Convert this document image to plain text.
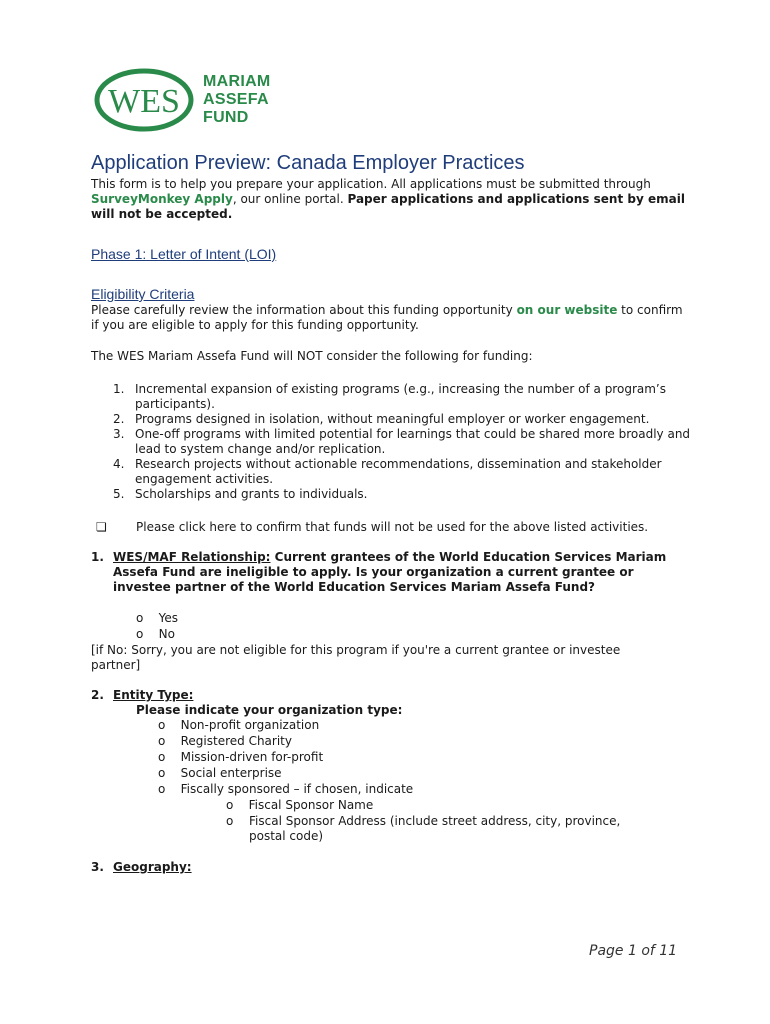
WES
MARIAM
ASSEFA
FUND
Application Preview: Canada Employer Practices
This form is to help you prepare your application. All applications must be submitted through SurveyMonkey Apply, our online portal. Paper applications and applications sent by email will not be accepted.
Phase 1: Letter of Intent (LOI)
Eligibility Criteria
Please carefully review the information about this funding opportunity on our website to confirm if you are eligible to apply for this funding opportunity.
The WES Mariam Assefa Fund will NOT consider the following for funding:
1. Incremental expansion of existing programs (e.g., increasing the number of a program’s participants).
2. Programs designed in isolation, without meaningful employer or worker engagement.
3. One-off programs with limited potential for learnings that could be shared more broadly and lead to system change and/or replication.
4. Research projects without actionable recommendations, dissemination and stakeholder engagement activities.
5. Scholarships and grants to individuals.
❏ Please click here to confirm that funds will not be used for the above listed activities.
1. WES/MAF Relationship: Current grantees of the World Education Services Mariam Assefa Fund are ineligible to apply. Is your organization a current grantee or investee partner of the World Education Services Mariam Assefa Fund?
o Yes
o No
[if No: Sorry, you are not eligible for this program if you're a current grantee or investee partner]
2. Entity Type:
Please indicate your organization type:
o Non-profit organization
o Registered Charity
o Mission-driven for-profit
o Social enterprise
o Fiscally sponsored – if chosen, indicate
o Fiscal Sponsor Name
o	Fiscal Sponsor Address (include street address, city, province, postal code)
3. Geography:
Page 1 of 11
